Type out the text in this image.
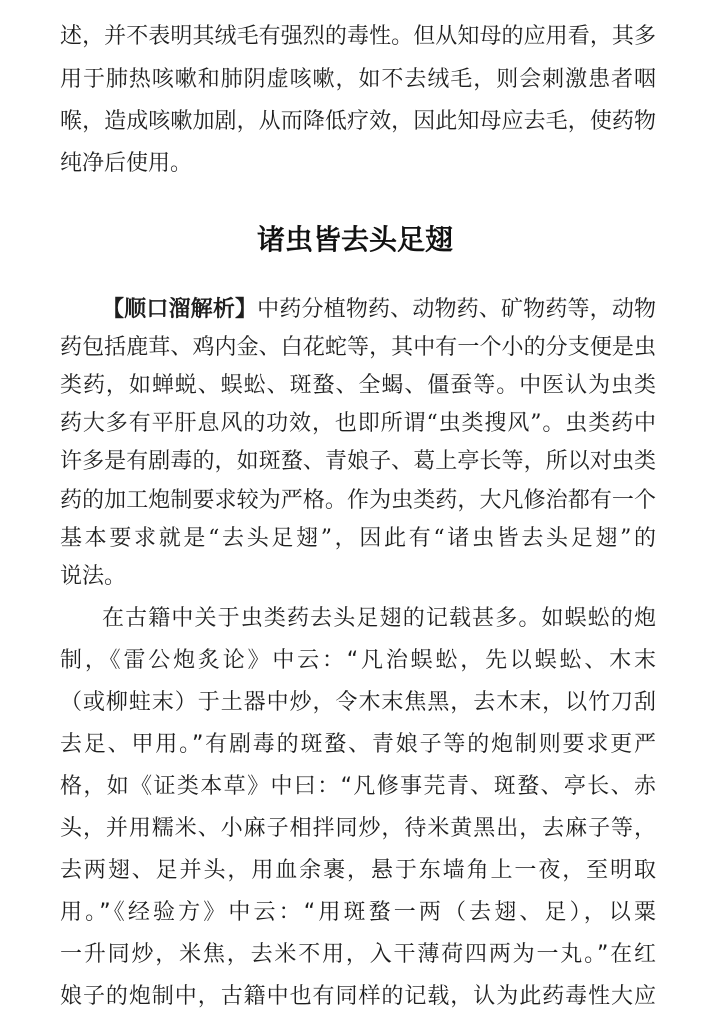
述，并不表明其绒毛有强烈的毒性。但从知母的应用看，其多
用于肺热咳嗽和肺阴虚咳嗽，如不去绒毛，则会刺激患者咽
喉，造成咳嗽加剧，从而降低疗效，因此知母应去毛，使药物
纯净后使用。
诸虫皆去头足翅
【顺口溜解析】中药分植物药、动物药、矿物药等，动物
药包括鹿茸、鸡内金、白花蛇等，其中有一个小的分支便是虫
类药，如蝉蜕、蜈蚣、斑蝥、全蝎、僵蚕等。中医认为虫类
药大多有平肝息风的功效，也即所谓“虫类搜风”。虫类药中
许多是有剧毒的，如斑蝥、青娘子、葛上亭长等，所以对虫类
药的加工炮制要求较为严格。作为虫类药，大凡修治都有一个
基本要求就是“去头足翅”，因此有“诸虫皆去头足翅”的
说法。
在古籍中关于虫类药去头足翅的记载甚多。如蜈蚣的炮
制，《雷公炮炙论》中云：“凡治蜈蚣，先以蜈蚣、木末
（或柳蛀末）于土器中炒，令木末焦黑，去木末，以竹刀刮
去足、甲用。”有剧毒的斑蝥、青娘子等的炮制则要求更严
格，如《证类本草》中曰：“凡修事芫青、斑蝥、亭长、赤
头，并用糯米、小麻子相拌同炒，待米黄黑出，去麻子等，
去两翅、足并头，用血余裹，悬于东墙角上一夜，至明取
用。”《经验方》中云：“用斑蝥一两（去翅、足），以粟
一升同炒，米焦，去米不用，入干薄荷四两为一丸。”在红
娘子的炮制中，古籍中也有同样的记载，认为此药毒性大应
